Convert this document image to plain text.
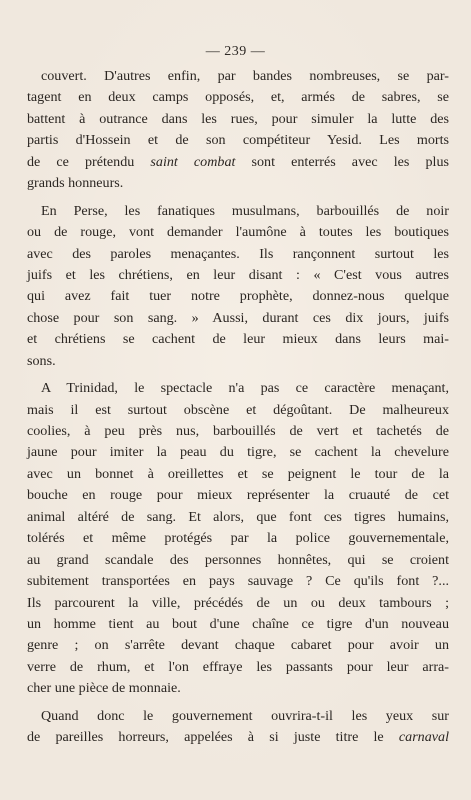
— 239 —
couvert. D'autres enfin, par bandes nombreuses, se par-
tagent en deux camps opposés, et, armés de sabres, se
battent à outrance dans les rues, pour simuler la lutte des
partis d'Hossein et de son compétiteur Yesid. Les morts
de ce prétendu saint combat sont enterrés avec les plus
grands honneurs.
En Perse, les fanatiques musulmans, barbouillés de noir
ou de rouge, vont demander l'aumône à toutes les boutiques
avec des paroles menaçantes. Ils rançonnent surtout les
juifs et les chrétiens, en leur disant : « C'est vous autres
qui avez fait tuer notre prophète, donnez-nous quelque
chose pour son sang. » Aussi, durant ces dix jours, juifs
et chrétiens se cachent de leur mieux dans leurs mai-
sons.
A Trinidad, le spectacle n'a pas ce caractère menaçant,
mais il est surtout obscène et dégoûtant. De malheureux
coolies, à peu près nus, barbouillés de vert et tachetés de
jaune pour imiter la peau du tigre, se cachent la chevelure
avec un bonnet à oreillettes et se peignent le tour de la
bouche en rouge pour mieux représenter la cruauté de cet
animal altéré de sang. Et alors, que font ces tigres humains,
tolérés et même protégés par la police gouvernementale,
au grand scandale des personnes honnêtes, qui se croient
subitement transportées en pays sauvage ? Ce qu'ils font ?...
Ils parcourent la ville, précédés de un ou deux tambours ;
un homme tient au bout d'une chaîne ce tigre d'un nouveau
genre ; on s'arrête devant chaque cabaret pour avoir un
verre de rhum, et l'on effraye les passants pour leur arra-
cher une pièce de monnaie.
Quand donc le gouvernement ouvrira-t-il les yeux sur
de pareilles horreurs, appelées à si juste titre le carnaval
